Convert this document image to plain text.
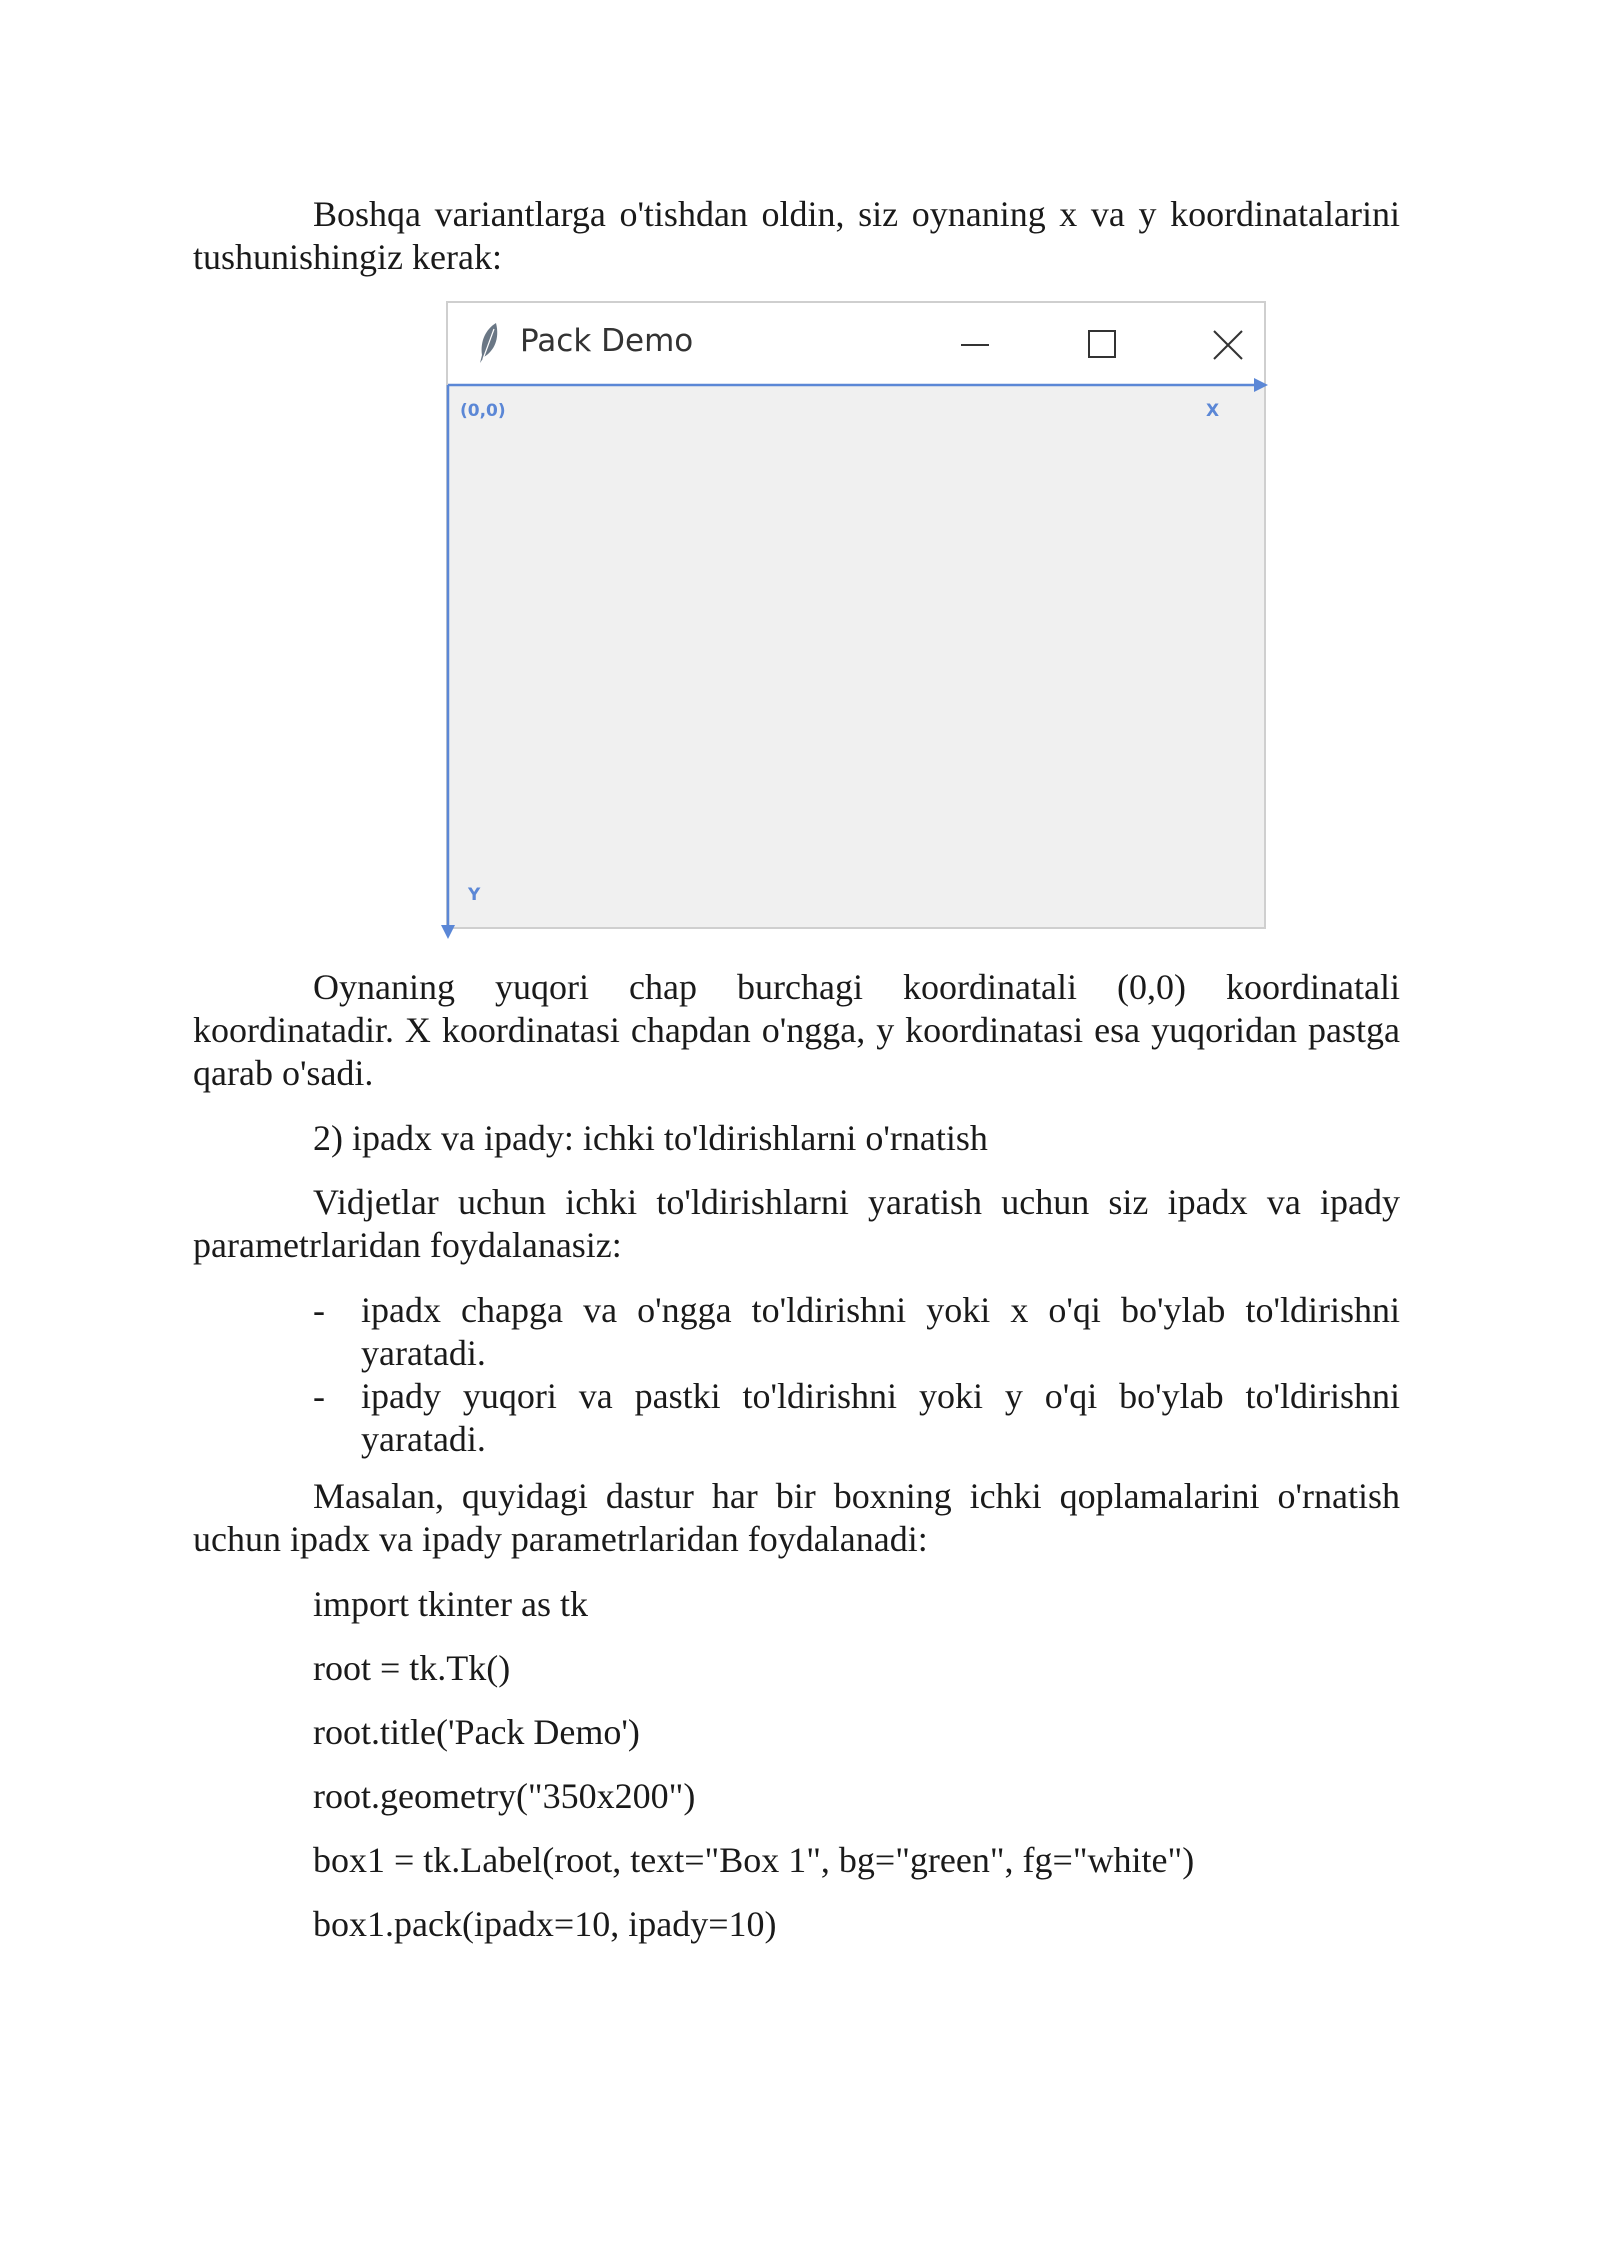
Boshqa variantlarga o'tishdan oldin, siz oynaning x va y koordinatalarini tushunishingiz kerak:

Pack Demo
(0,0)	X
Y

Oynaning yuqori chap burchagi koordinatali (0,0) koordinatali koordinatadir. X koordinatasi chapdan o'ngga, y koordinatasi esa yuqoridan pastga qarab o'sadi.

2) ipadx va ipady: ichki to'ldirishlarni o'rnatish

Vidjetlar uchun ichki to'ldirishlarni yaratish uchun siz ipadx va ipady parametrlaridan foydalanasiz:

- ipadx chapga va o'ngga to'ldirishni yoki x o'qi bo'ylab to'ldirishni yaratadi.

- ipady yuqori va pastki to'ldirishni yoki y o'qi bo'ylab to'ldirishni yaratadi.

Masalan, quyidagi dastur har bir boxning ichki qoplamalarini o'rnatish uchun ipadx va ipady parametrlaridan foydalanadi:

import tkinter as tk
root = tk.Tk()
root.title('Pack Demo')
root.geometry("350x200")
box1 = tk.Label(root, text="Box 1", bg="green", fg="white")
box1.pack(ipadx=10, ipady=10)
